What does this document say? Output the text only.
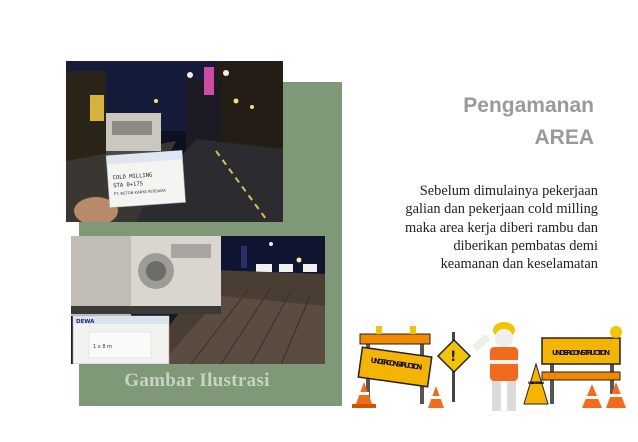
COLD MILLING
STA 0+175
PT. BETON KARYA PERSADA
DEWA
1 x 8 m
Gambar Ilustrasi
Pengamanan
AREA
Sebelum dimulainya pekerjaan
galian dan pekerjaan cold milling
maka area kerja diberi rambu dan
diberikan pembatas demi
keamanan dan keselamatan
UNDER CONSTRUCTION
!
UNDER CONSTRUCTION
UNDER CONSTRUCTION
